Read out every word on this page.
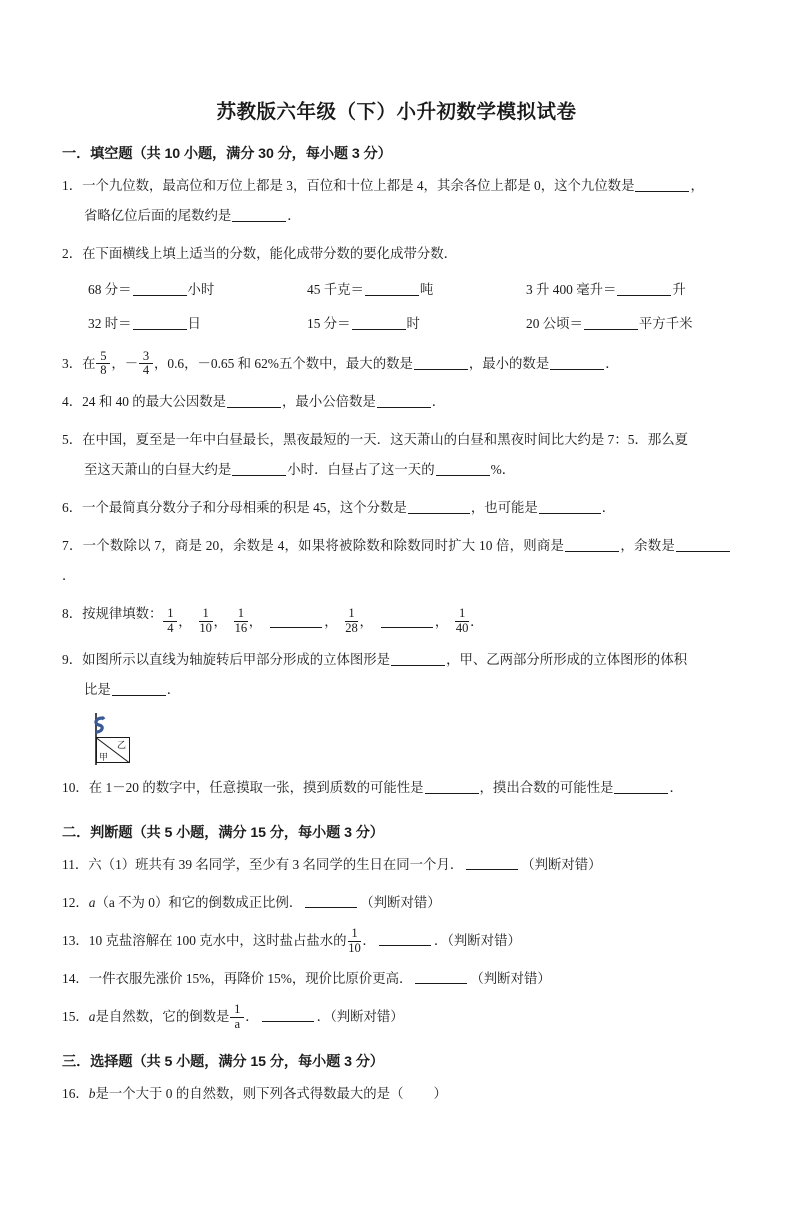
苏教版六年级（下）小升初数学模拟试卷
一．填空题（共 10 小题，满分 30 分，每小题 3 分）
1．一个九位数，最高位和万位上都是 3，百位和十位上都是 4，其余各位上都是 0，这个九位数是	，
省略亿位后面的尾数约是	．
2．在下面横线上填上适当的分数，能化成带分数的要化成带分数．
68 分＝	小时	45 千克＝	吨	3 升 400 毫升＝	升
32 时＝	日	15 分＝	时	20 公顷＝	平方千米
3．在 $\frac{5}{8}$ ，－ $\frac{3}{4}$ ，0.6，－0.65 和 62%五个数中，最大的数是	，最小的数是	．
4．24 和 40 的最大公因数是	，最小公倍数是	．
5．在中国，夏至是一年中白昼最长，黑夜最短的一天．这天萧山的白昼和黑夜时间比大约是 7：5．那么夏
至这天萧山的白昼大约是	小时．白昼占了这一天的	%．
6．一个最简真分数分子和分母相乘的积是 45，这个分数是	，也可能是	．
7．一个数除以 7，商是 20，余数是 4，如果将被除数和除数同时扩大 10 倍，则商是	，余数是．
8．按规律填数： $\frac{1}{4}$ ， $\frac{1}{10}$ ， $\frac{1}{16}$ ，	， $\frac{1}{28}$ ，	， $\frac{1}{40}$ ．
9．如图所示以直线为轴旋转后甲部分形成的立体图形是	，甲、乙两部分所形成的立体图形的体积
比是	．
甲
乙
10．在 1－20 的数字中，任意摸取一张，摸到质数的可能性是	，摸出合数的可能性是	．
二．判断题（共 5 小题，满分 15 分，每小题 3 分）
11．六（1）班共有 39 名同学，至少有 3 名同学的生日在同一个月．	（判断对错）
12．a（a 不为 0）和它的倒数成正比例．	（判断对错）
13．10 克盐溶解在 100 克水中，这时盐占盐水的 $\frac{1}{10}$ ．	．（判断对错）
14．一件衣服先涨价 15%，再降价 15%，现价比原价更高．	（判断对错）
15．a是自然数，它的倒数是 $\frac{1}{a}$ ．	．（判断对错）
三．选择题（共 5 小题，满分 15 分，每小题 3 分）
16．b是一个大于 0 的自然数，则下列各式得数最大的是（ ）
